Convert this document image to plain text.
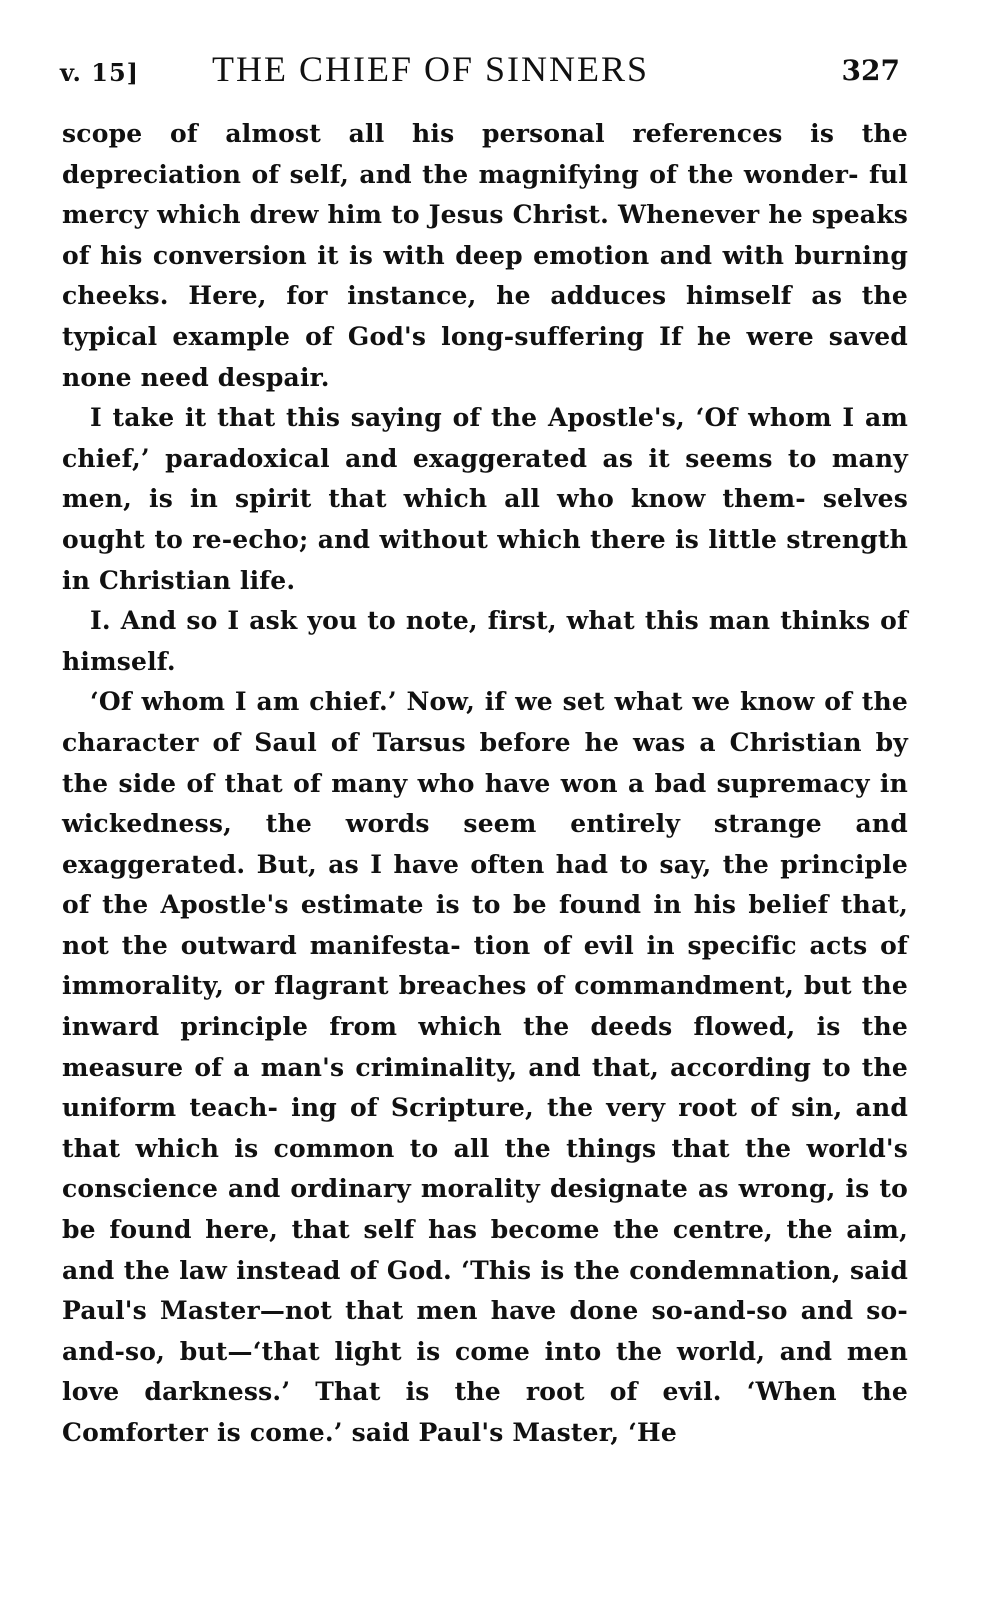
v. 15] THE CHIEF OF SINNERS	327

scope of almost all his personal references is the depreciation of self, and the magnifying of the wonder- ful mercy which drew him to Jesus Christ. Whenever he speaks of his conversion it is with deep emotion and with burning cheeks. Here, for instance, he adduces himself as the typical example of God's long-suffering If he were saved none need despair.

I take it that this saying of the Apostle's, ‘Of whom I am chief,’ paradoxical and exaggerated as it seems to many men, is in spirit that which all who know them- selves ought to re-echo; and without which there is little strength in Christian life.

I. And so I ask you to note, first, what this man thinks of himself.

‘Of whom I am chief.’ Now, if we set what we know of the character of Saul of Tarsus before he was a Christian by the side of that of many who have won a bad supremacy in wickedness, the words seem entirely strange and exaggerated. But, as I have often had to say, the principle of the Apostle's estimate is to be found in his belief that, not the outward manifesta- tion of evil in specific acts of immorality, or flagrant breaches of commandment, but the inward principle from which the deeds flowed, is the measure of a man's criminality, and that, according to the uniform teach- ing of Scripture, the very root of sin, and that which is common to all the things that the world's conscience and ordinary morality designate as wrong, is to be found here, that self has become the centre, the aim, and the law instead of God. ‘This is the condemnation, said Paul's Master—not that men have done so-and-so and so-and-so, but—‘that light is come into the world, and men love darkness.’ That is the root of evil. ‘When the Comforter is come.’ said Paul's Master, ‘He
